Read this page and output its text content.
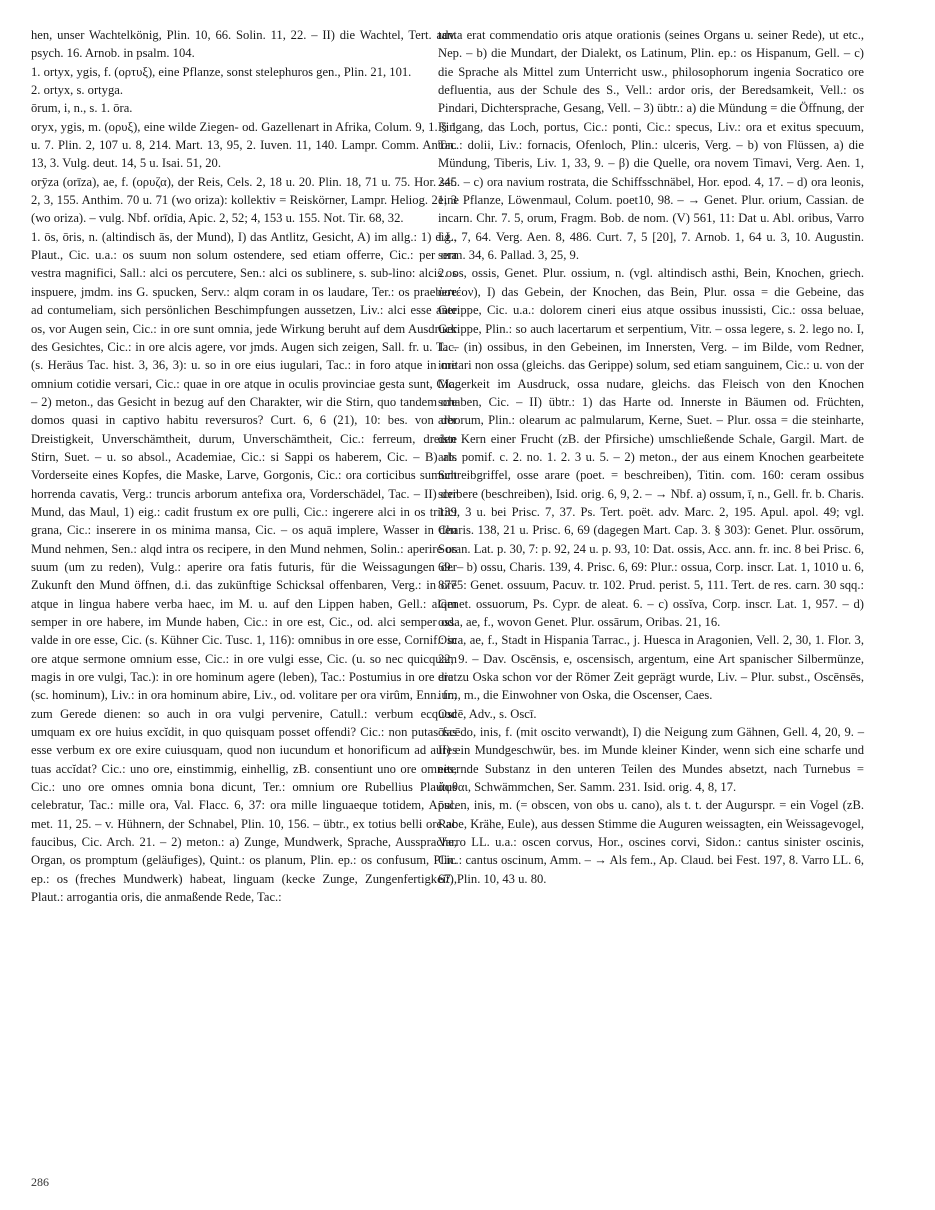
hen, unser Wachtelkönig, Plin. 10, 66. Solin. 11, 22. – II) die Wachtel, Tert. adv. psych. 16. Arnob. in psalm. 104.

1. ortyx, ygis, f. (ορτυξ), eine Pflanze, sonst stelephuros gen., Plin. 21, 101.

2. ortyx, s. ortyga.

ōrum, i, n., s. 1. ōra.

oryx, ygis, m. (ορυξ), eine wilde Ziegen- od. Gazellenart in Afrika, Colum. 9, 1. § 1 u. 7. Plin. 2, 107 u. 8, 214. Mart. 13, 95, 2. Iuven. 11, 140. Lampr. Comm. Anton. 13, 3. Vulg. deut. 14, 5 u. Isai. 51, 20.

orȳza (orīza), ae, f. (ορυζα), der Reis, Cels. 2, 18 u. 20. Plin. 18, 71 u. 75. Hor. sat. 2, 3, 155. Anthim. 70 u. 71 (wo oriza): kollektiv = Reiskörner, Lampr. Heliog. 21, 3 (wo oriza). – vulg. Nbf. orīdia, Apic. 2, 52; 4, 153 u. 155. Not. Tir. 68, 32.

1. ōs, ōris, n. (altindisch ās, der Mund), I) das Antlitz, Gesicht, A) im allg.: 1) eig., Plaut., Cic. u.a.: os suum non solum ostendere, sed etiam offerre, Cic.: per ora vestra magnifici, Sall.: alci os percutere, Sen.: alci os sublinere, s. sub-lino: alcis os inspuere, jmdm. ins G. spucken, Serv.: alqm coram in os laudare, Ter.: os praebere ad contumeliam, sich persönlichen Beschimpfungen aussetzen, Liv.: alci esse ante os, vor Augen sein, Cic.: in ore sunt omnia, jede Wirkung beruht auf dem Ausdruck des Gesichtes, Cic.: in ore alcis agere, vor jmds. Augen sich zeigen, Sall. fr. u. Tac. (s. Heräus Tac. hist. 3, 36, 3): u. so in ore eius iugulari, Tac.: in foro atque in ore omnium cotidie versari, Cic.: quae in ore atque in oculis provinciae gesta sunt, Cic. – 2) meton., das Gesicht in bezug auf den Charakter, wir die Stirn, quo tandem ore domos quasi in captivo habitu reversuros? Curt. 6, 6 (21), 10: bes. von der Dreistigkeit, Unverschämtheit, durum, Unverschämtheit, Cic.: ferreum, dreiste Stirn, Suet. – u. so absol., Academiae, Cic.: si Sappi os haberem, Cic. – B) als Vorderseite eines Kopfes, die Maske, Larve, Gorgonis, Cic.: ora corticibus sumunt horrenda cavatis, Verg.: truncis arborum antefixa ora, Vorderschädel, Tac. – II) der Mund, das Maul, 1) eig.: cadit frustum ex ore pulli, Cic.: ingerere alci in os tritici grana, Cic.: inserere in os minima mansa, Cic. – os aquā implere, Wasser in den Mund nehmen, Sen.: alqd intra os recipere, in den Mund nehmen, Solin.: aperire os suum (um zu reden), Vulg.: aperire ora fatis futuris, für die Weissagungen der Zukunft den Mund öffnen, d.i. das zukünftige Schicksal offenbaren, Verg.: in ore atque in lingua habere verba haec, im M. u. auf den Lippen haben, Gell.: alqm semper in ore habere, im Munde haben, Cic.: in ore est, Cic., od. alci semper od. valde in ore esse, Cic. (s. Kühner Cic. Tusc. 1, 116): omnibus in ore esse, Cornif.: in ore atque sermone omnium esse, Cic.: in ore vulgi esse, Cic. (u. so nec quicquam magis in ore vulgi, Tac.): in ore hominum agere (leben), Tac.: Postumius in ore erat (sc. hominum), Liv.: in ora hominum abire, Liv., od. volitare per ora virûm, Enn. fr., zum Gerede dienen: so auch in ora vulgi pervenire, Catull.: verbum ecquod umquam ex ore huius excĭdit, in quo quisquam posset offendi? Cic.: non putas fas esse verbum ex ore exire cuiusquam, quod non iucundum et honorificum ad aures tuas accĭdat? Cic.: uno ore, einstimmig, einhellig, zB. consentiunt uno ore omnes, Cic.: uno ore omnes omnia bona dicunt, Ter.: omnium ore Rubellius Plautus celebratur, Tac.: mille ora, Val. Flacc. 6, 37: ora mille linguaeque totidem, Apul. met. 11, 25. – v. Hühnern, der Schnabel, Plin. 10, 156. – übtr., ex totius belli ore ac faucibus, Cic. Arch. 21. – 2) meton.: a) Zunge, Mundwerk, Sprache, Aussprache, Organ, os promptum (geläufiges), Quint.: os planum, Plin. ep.: os confusum, Plin. ep.: os (freches Mundwerk) habeat, linguam (kecke Zunge, Zungenfertigkeit), Plaut.: arrogantia oris, die anmaßende Rede, Tac.:

tanta erat commendatio oris atque orationis (seines Organs u. seiner Rede), ut etc., Nep. – b) die Mundart, der Dialekt, os Latinum, Plin. ep.: os Hispanum, Gell. – c) die Sprache als Mittel zum Unterricht usw., philosophorum ingenia Socratico ore defluentia, aus der Schule des S., Vell.: ardor oris, der Beredsamkeit, Vell.: os Pindari, Dichtersprache, Gesang, Vell. – 3) übtr.: a) die Mündung = die Öffnung, der Eingang, das Loch, portus, Cic.: ponti, Cic.: specus, Liv.: ora et exitus specuum, Tac.: dolii, Liv.: fornacis, Ofenloch, Plin.: ulceris, Verg. – b) von Flüssen, a) die Mündung, Tiberis, Liv. 1, 33, 9. – β) die Quelle, ora novem Timavi, Verg. Aen. 1, 245. – c) ora navium rostrata, die Schiffsschnäbel, Hor. epod. 4, 17. – d) ora leonis, eine Pflanze, Löwenmaul, Colum. poet10, 98. – → Genet. Plur. orium, Cassian. de incarn. Chr. 7. 5, orum, Fragm. Bob. de nom. (V) 561, 11: Dat u. Abl. oribus, Varro LL. 7, 64. Verg. Aen. 8, 486. Curt. 7, 5 [20], 7. Arnob. 1, 64 u. 3, 10. Augustin. serm. 34, 6. Pallad. 3, 25, 9.

2. os, ossis, Genet. Plur. ossium, n. (vgl. altindisch asthi, Bein, Knochen, griech. ὀστέον), I) das Gebein, der Knochen, das Bein, Plur. ossa = die Gebeine, das Gerippe, Cic. u.a.: dolorem cineri eius atque ossibus inussisti, Cic.: ossa beluae, Gerippe, Plin.: so auch lacertarum et serpentium, Vitr. – ossa legere, s. 2. lego no. I, 1. – (in) ossibus, in den Gebeinen, im Innersten, Verg. – im Bilde, vom Redner, imitari non ossa (gleichs. das Gerippe) solum, sed etiam sanguinem, Cic.: u. von der Magerkeit im Ausdruck, ossa nudare, gleichs. das Fleisch von den Knochen schaben, Cic. – II) übtr.: 1) das Harte od. Innerste in Bäumen od. Früchten, arborum, Plin.: olearum ac palmularum, Kerne, Suet. – Plur. ossa = die steinharte, den Kern einer Frucht (zB. der Pfirsiche) umschließende Schale, Gargil. Mart. de arb. pomif. c. 2. no. 1. 2. 3 u. 5. – 2) meton., der aus einem Knochen gearbeitete Schreibgriffel, osse arare (poet. = beschreiben), Titin. com. 160: ceram ossibus scribere (beschreiben), Isid. orig. 6, 9, 2. – → Nbf. a) ossum, ī, n., Gell. fr. b. Charis. 139, 3 u. bei Prisc. 7, 37. Ps. Tert. poët. adv. Marc. 2, 195. Apul. apol. 49; vgl. Charis. 138, 21 u. Prisc. 6, 69 (dagegen Mart. Cap. 3. § 303): Genet. Plur. ossōrum, Soran. Lat. p. 30, 7: p. 92, 24 u. p. 93, 10: Dat. ossis, Acc. ann. fr. inc. 8 bei Prisc. 6, 69. – b) ossu, Charis. 139, 4. Prisc. 6, 69: Plur.: ossua, Corp. inscr. Lat. 1, 1010 u. 6, 8775: Genet. ossuum, Pacuv. tr. 102. Prud. perist. 5, 111. Tert. de res. carn. 30 sqq.: Genet. ossuorum, Ps. Cypr. de aleat. 6. – c) ossĭva, Corp. inscr. Lat. 1, 957. – d) ossa, ae, f., wovon Genet. Plur. ossārum, Oribas. 21, 16.

Osca, ae, f., Stadt in Hispania Tarrac., j. Huesca in Aragonien, Vell. 2, 30, 1. Flor. 3, 22, 9. – Dav. Oscēnsis, e, oscensisch, argentum, eine Art spanischer Silbermünze, die zu Oska schon vor der Römer Zeit geprägt wurde, Liv. – Plur. subst., Oscēnsēs, ium, m., die Einwohner von Oska, die Oscenser, Caes.

Oscē, Adv., s. Oscī.

ōscēdo, inis, f. (mit oscito verwandt), I) die Neigung zum Gähnen, Gell. 4, 20, 9. – II) ein Mundgeschwür, bes. im Munde kleiner Kinder, wenn sich eine scharfe und eiternde Substanz in den unteren Teilen des Mundes absetzt, nach Turnebus = ἄφθαι, Schwämmchen, Ser. Samm. 231. Isid. orig. 4, 8, 17.

ōscen, inis, m. (= obscen, von obs u. cano), als t. t. der Augurspr. = ein Vogel (zB. Rabe, Krähe, Eule), aus dessen Stimme die Auguren weissagten, ein Weissagevogel, Varro LL. u.a.: oscen corvus, Hor., oscines corvi, Sidon.: cantus sinister oscinis, Cic.: cantus oscinum, Amm. – → Als fem., Ap. Claud. bei Fest. 197, 8. Varro LL. 6, 67. Plin. 10, 43 u. 80.

286
